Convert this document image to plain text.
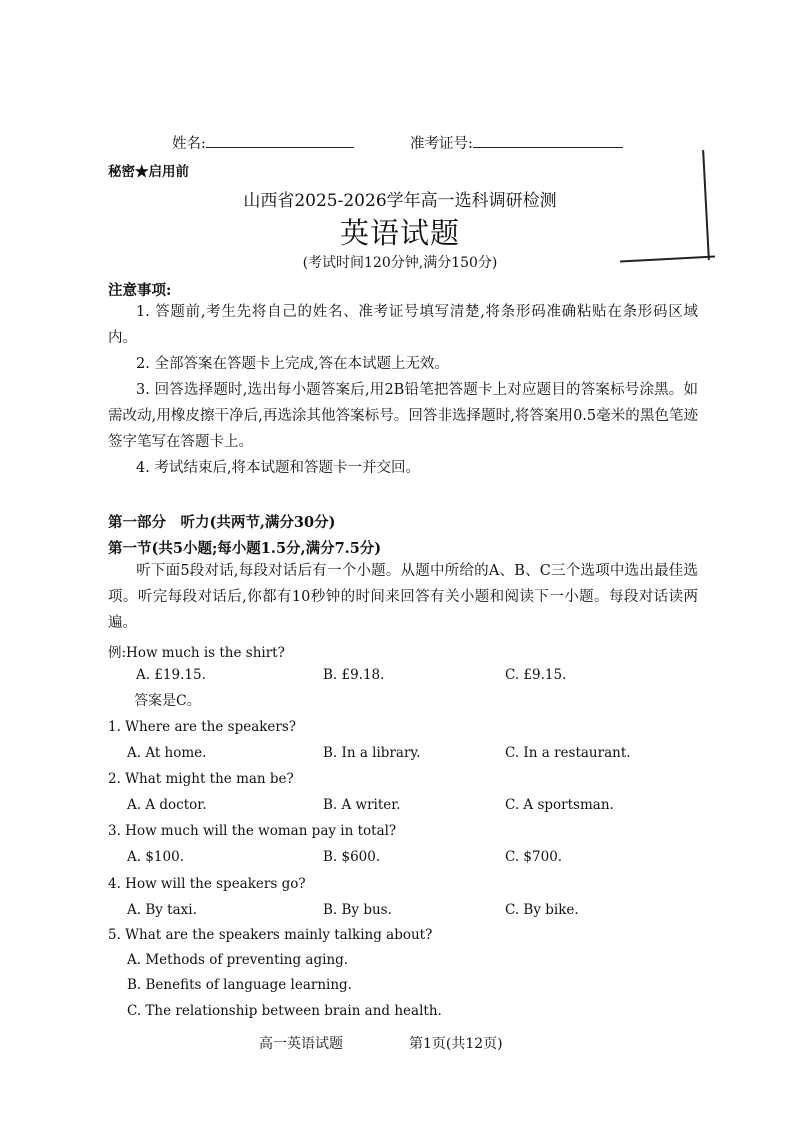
姓名:	准考证号:
秘密★启用前
山西省2025-2026学年高一选科调研检测
英语试题
(考试时间120分钟,满分150分)
注意事项:
1. 答题前,考生先将自己的姓名、准考证号填写清楚,将条形码准确粘贴在条形码区域内。
2. 全部答案在答题卡上完成,答在本试题上无效。
3. 回答选择题时,选出每小题答案后,用2B铅笔把答题卡上对应题目的答案标号涂黑。如需改动,用橡皮擦干净后,再选涂其他答案标号。回答非选择题时,将答案用0.5毫米的黑色笔迹签字笔写在答题卡上。
4. 考试结束后,将本试题和答题卡一并交回。
第一部分　听力(共两节,满分30分)
第一节(共5小题;每小题1.5分,满分7.5分)
听下面5段对话,每段对话后有一个小题。从题中所给的A、B、C三个选项中选出最佳选项。听完每段对话后,你都有10秒钟的时间来回答有关小题和阅读下一小题。每段对话读两遍。
例:How much is the shirt?
A. £19.15.	B. £9.18.	C. £9.15.
答案是C。
1. Where are the speakers?
A. At home.	B. In a library.	C. In a restaurant.
2. What might the man be?
A. A doctor.	B. A writer.	C. A sportsman.
3. How much will the woman pay in total?
A. $100.	B. $600.	C. $700.
4. How will the speakers go?
A. By taxi.	B. By bus.	C. By bike.
5. What are the speakers mainly talking about?
A. Methods of preventing aging.
B. Benefits of language learning.
C. The relationship between brain and health.
高一英语试题	第1页(共12页)
